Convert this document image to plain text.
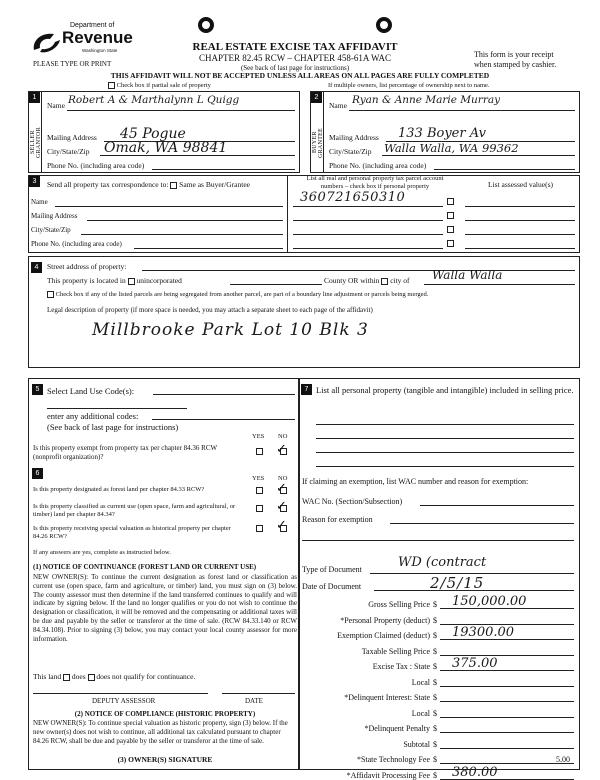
Department of
Revenue
Washington State
PLEASE TYPE OR PRINT
REAL ESTATE EXCISE TAX AFFIDAVIT
CHAPTER 82.45 RCW – CHAPTER 458-61A WAC
(See back of last page for instructions)
This form is your receipt
when stamped by cashier.
THIS AFFIDAVIT WILL NOT BE ACCEPTED UNLESS ALL AREAS ON ALL PAGES ARE FULLY COMPLETED
Check box if partial sale of property	If multiple owners, list percentage of ownership next to name.
1
SELLER GRANTOR
Name Robert A & Marthalynn L Quigg
Mailing Address 45 Pogue
City/State/Zip Omak, WA 98841
Phone No. (including area code)
2
BUYER GRANTEE
Name Ryan & Anne Marie Murray
Mailing Address 133 Boyer Av
City/State/Zip Walla Walla, WA 99362
Phone No. (including area code)
3	Send all property tax correspondence to: Same as Buyer/Grantee
List all real and personal property tax parcel account
numbers – check box if personal property	List assessed value(s)
Name
Mailing Address
City/State/Zip
Phone No. (including area code)
360721650310
4	Street address of property:
This property is located in unincorporated	County OR within city of Walla Walla
Check box if any of the listed parcels are being segregated from another parcel, are part of a boundary line adjustment or parcels being merged.
Legal description of property (if more space is needed, you may attach a separate sheet to each page of the affidavit)
Millbrooke Park Lot 10 Blk 3
5 Select Land Use Code(s):
enter any additional codes:
(See back of last page for instructions)
YES NO
Is this property exempt from property tax per chapter 84.36 RCW (nonprofit organization)?	✓
6
YES NO
Is this property designated as forest land per chapter 84.33 RCW?	✓
Is this property classified as current use (open space, farm and agricultural, or timber) land per chapter 84.34?
✓
Is this property receiving special valuation as historical property per chapter 84.26 RCW?
✓
If any answers are yes, complete as instructed below.
(1) NOTICE OF CONTINUANCE (FOREST LAND OR CURRENT USE)
NEW OWNER(S): To continue the current designation as forest land or classification as current use (open space, farm and agriculture, or timber) land, you must sign on (3) below. The county assessor must then determine if the land transferred continues to qualify and will indicate by signing below. If the land no longer qualifies or you do not wish to continue the designation or classification, it will be removed and the compensating or additional taxes will be due and payable by the seller or transferor at the time of sale. (RCW 84.33.140 or RCW 84.34.108). Prior to signing (3) below, you may contact your local county assessor for more information.
This land does does not qualify for continuance.
DEPUTY ASSESSOR	DATE
(2) NOTICE OF COMPLIANCE (HISTORIC PROPERTY)
NEW OWNER(S): To continue special valuation as historic property, sign (3) below. If the new owner(s) does not wish to continue, all additional tax calculated pursuant to chapter 84.26 RCW, shall be due and payable by the seller or transferor at the time of sale.
(3) OWNER(S) SIGNATURE
7 List all personal property (tangible and intangible) included in selling price.
If claiming an exemption, list WAC number and reason for exemption:
WAC No. (Section/Subsection)
Reason for exemption
Type of Document	WD (contract
Date of Document	2/5/15
Gross Selling Price $ 150,000.00
*Personal Property (deduct) $
Exemption Claimed (deduct) $ 19300.00
Taxable Selling Price $
Excise Tax : State $ 375.00
Local $
*Delinquent Interest: State $
Local $
*Delinquent Penalty $
Subtotal $
*State Technology Fee $	5.00
*Affidavit Processing Fee $ 380.00
